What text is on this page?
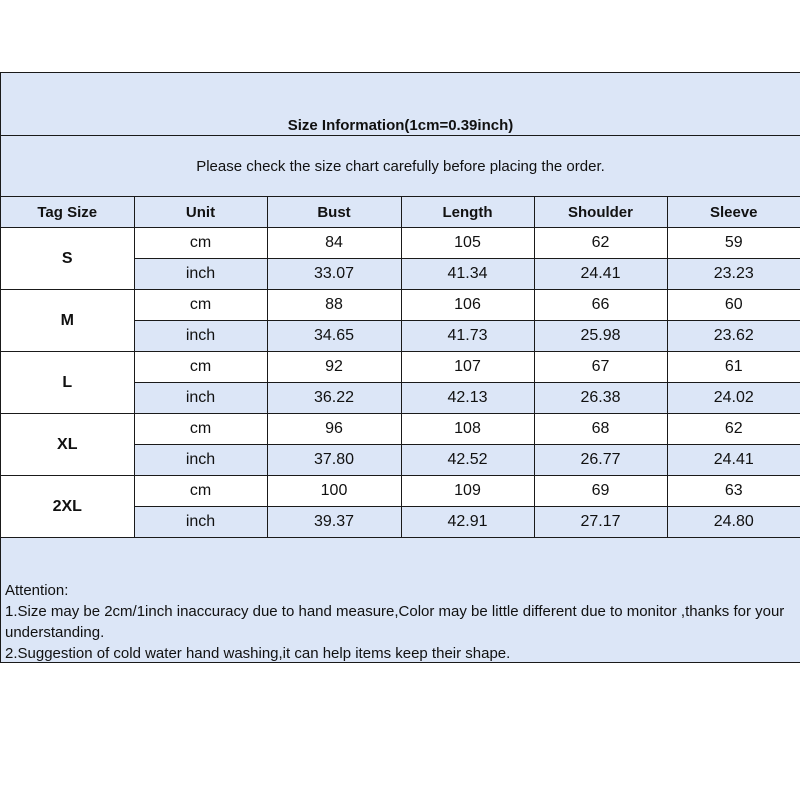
Size Information(1cm=0.39inch)
Please check the size chart carefully before placing the order.
Tag Size	Unit	Bust	Length	Shoulder	Sleeve
S	cm	84	105	62	59
	inch	33.07	41.34	24.41	23.23
M	cm	88	106	66	60
	inch	34.65	41.73	25.98	23.62
L	cm	92	107	67	61
	inch	36.22	42.13	26.38	24.02
XL	cm	96	108	68	62
	inch	37.80	42.52	26.77	24.41
2XL	cm	100	109	69	63
	inch	39.37	42.91	27.17	24.80
Attention:
1.Size may be 2cm/1inch inaccuracy due to hand measure,Color may be little different due to monitor ,thanks for your understanding.
2.Suggestion of cold water hand washing,it can help items keep their shape.
